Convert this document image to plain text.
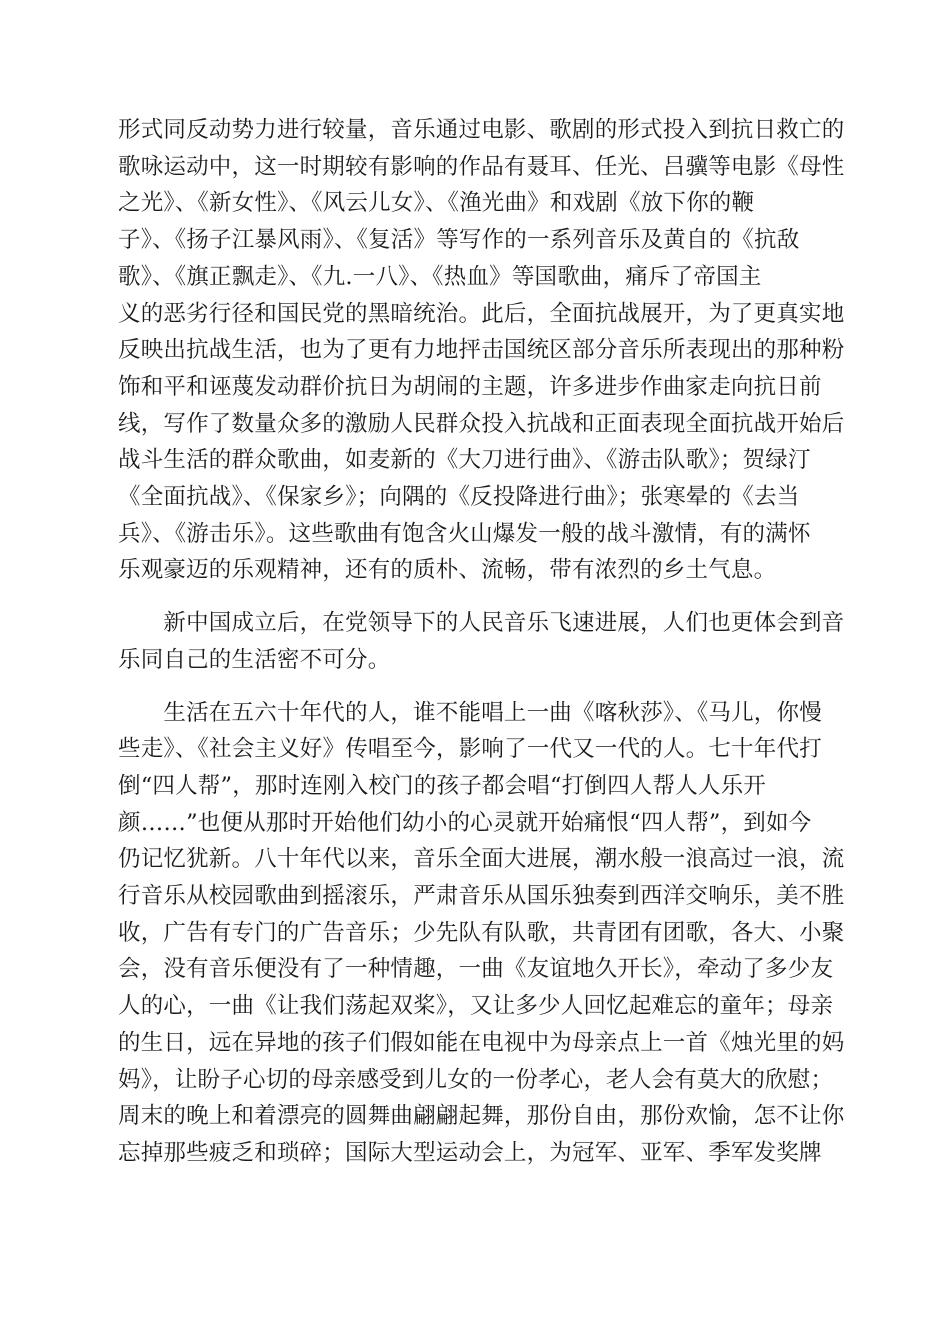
形式同反动势力进行较量，音乐通过电影、歌剧的形式投入到抗日救亡的
歌咏运动中，这一时期较有影响的作品有聂耳、任光、吕骥等电影《母性
之光》、《新女性》、《风云儿女》、《渔光曲》和戏剧《放下你的鞭
子》、《扬子江暴风雨》、《复活》等写作的一系列音乐及黄自的《抗敌
歌》、《旗正飘走》、《九.一八》、《热血》等国歌曲，痛斥了帝国主
义的恶劣行径和国民党的黑暗统治。此后，全面抗战展开，为了更真实地
反映出抗战生活，也为了更有力地抨击国统区部分音乐所表现出的那种粉
饰和平和诬蔑发动群价抗日为胡闹的主题，许多进步作曲家走向抗日前
线，写作了数量众多的激励人民群众投入抗战和正面表现全面抗战开始后
战斗生活的群众歌曲，如麦新的《大刀进行曲》、《游击队歌》；贺绿汀
《全面抗战》、《保家乡》；向隅的《反投降进行曲》；张寒晕的《去当
兵》、《游击乐》。这些歌曲有饱含火山爆发一般的战斗激情，有的满怀
乐观豪迈的乐观精神，还有的质朴、流畅，带有浓烈的乡土气息。

　　新中国成立后，在党领导下的人民音乐飞速进展，人们也更体会到音
乐同自己的生活密不可分。

　　生活在五六十年代的人，谁不能唱上一曲《喀秋莎》、《马儿，你慢
些走》、《社会主义好》传唱至今，影响了一代又一代的人。七十年代打
倒“四人帮”，那时连刚入校门的孩子都会唱“打倒四人帮人人乐开
颜……”也便从那时开始他们幼小的心灵就开始痛恨“四人帮”，到如今
仍记忆犹新。八十年代以来，音乐全面大进展，潮水般一浪高过一浪，流
行音乐从校园歌曲到摇滚乐，严肃音乐从国乐独奏到西洋交响乐，美不胜
收，广告有专门的广告音乐；少先队有队歌，共青团有团歌，各大、小聚
会，没有音乐便没有了一种情趣，一曲《友谊地久开长》，牵动了多少友
人的心，一曲《让我们荡起双桨》，又让多少人回忆起难忘的童年；母亲
的生日，远在异地的孩子们假如能在电视中为母亲点上一首《烛光里的妈
妈》，让盼子心切的母亲感受到儿女的一份孝心，老人会有莫大的欣慰；
周末的晚上和着漂亮的圆舞曲翩翩起舞，那份自由，那份欢愉，怎不让你
忘掉那些疲乏和琐碎；国际大型运动会上，为冠军、亚军、季军发奖牌
